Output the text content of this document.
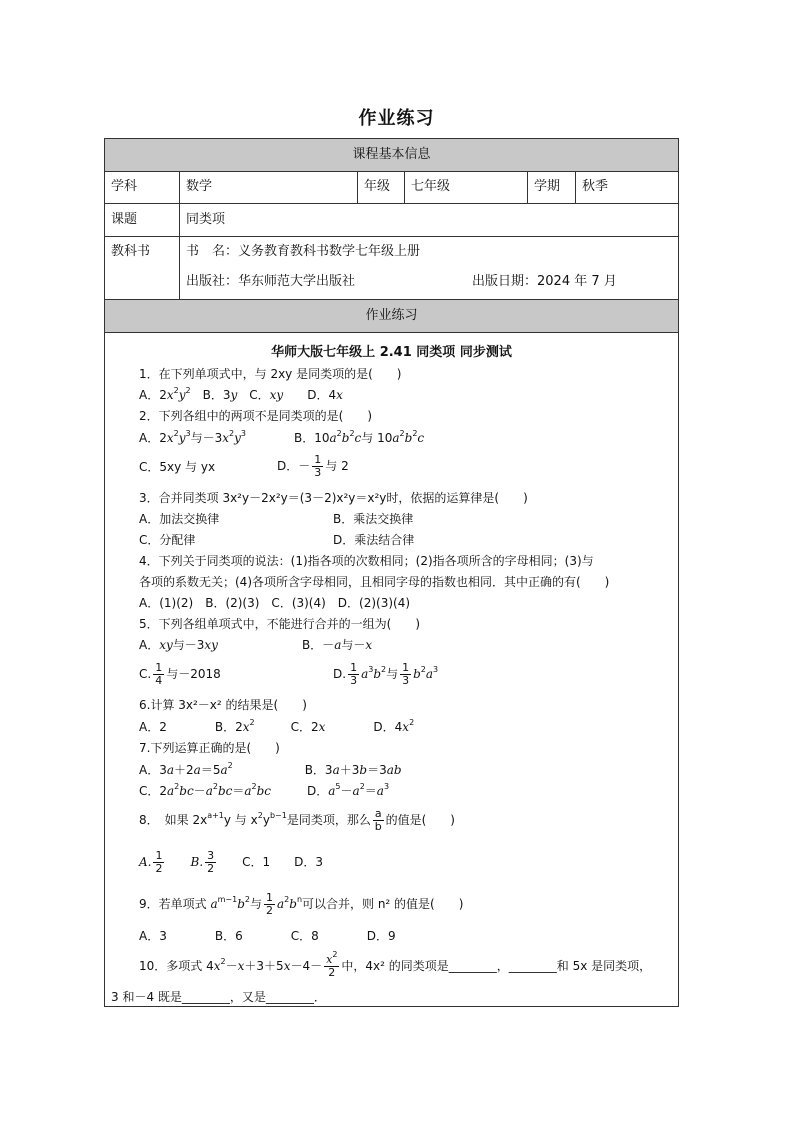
作业练习
课程基本信息
学科	数学	年级	七年级	学期	秋季
课题	同类项
教科书	书　名：义务教育教科书数学七年级上册
出版社：华东师范大学出版社	出版日期：2024 年 7 月
作业练习
华师大版七年级上 2.41 同类项 同步测试
1．在下列单项式中，与 2xy 是同类项的是(　　)
A．$2x^2y^2$　B．3y　C．xy　　D．4x
2．下列各组中的两项不是同类项的是(　　)
A．$2x^2y^3$与$-3x^2y^3$　　　　B．$10a^2b^2c$与 $10a^2b^2c$
C．5xy 与 yx	D．－ $\frac{1}{3}$ 与 2
3．合并同类项 3x²y－2x²y＝(3－2)x²y＝x²y时，依据的运算律是(　　)
A．加法交换律	B．乘法交换律
C．分配律	D．乘法结合律
4．下列关于同类项的说法：(1)指各项的次数相同；(2)指各项所含的字母相同；(3)与
各项的系数无关；(4)各项所含字母相同，且相同字母的指数也相同．其中正确的有(　　)
A．(1)(2)　B．(2)(3)　C．(3)(4)　D．(2)(3)(4)
5．下列各组单项式中，不能进行合并的一组为(　　)
A．xy与－3xy　　　　　　　B．－a与－x
C. $\frac{1}{4}$ 与－2018	D. $\frac{1}{3} a^3b^2$与 $\frac{1}{3} b^2a^3$
6.计算 3x²－x² 的结果是(　　)
A．2　　　　B．$2x^2$　　　C．2x　　　　D．$4x^2$
7.下列运算正确的是(　　)
A．$3a+2a=5a^2$　　　　　　B．3a＋3b＝3ab
C．$2a^2bc-a^2bc=a^2bc$　　　D．$a^5-a^2=a^3$
8．　如果 $2x^{a+1}y$ 与 $x^2y^{b-1}$是同类项，那么 $\frac{a}{b}$ 的值是(　　)
A. $\frac{1}{2}$
　　 B. $\frac{3}{2}$
　　 C．1　　D．3
9．若单项式 $a^{m-1}b^2$与 $\frac{1}{2} a^2b^n$可以合并，则 n² 的值是(　　)
A．3　　　　B．6　　　　C．8　　　　D．9
10．多项式 $4x^2-x+3+5x-4- \frac{x^2}{2}$ 中，4x² 的同类项是________，________和 5x 是同类项，
3 和－4 既是________，又是________．
